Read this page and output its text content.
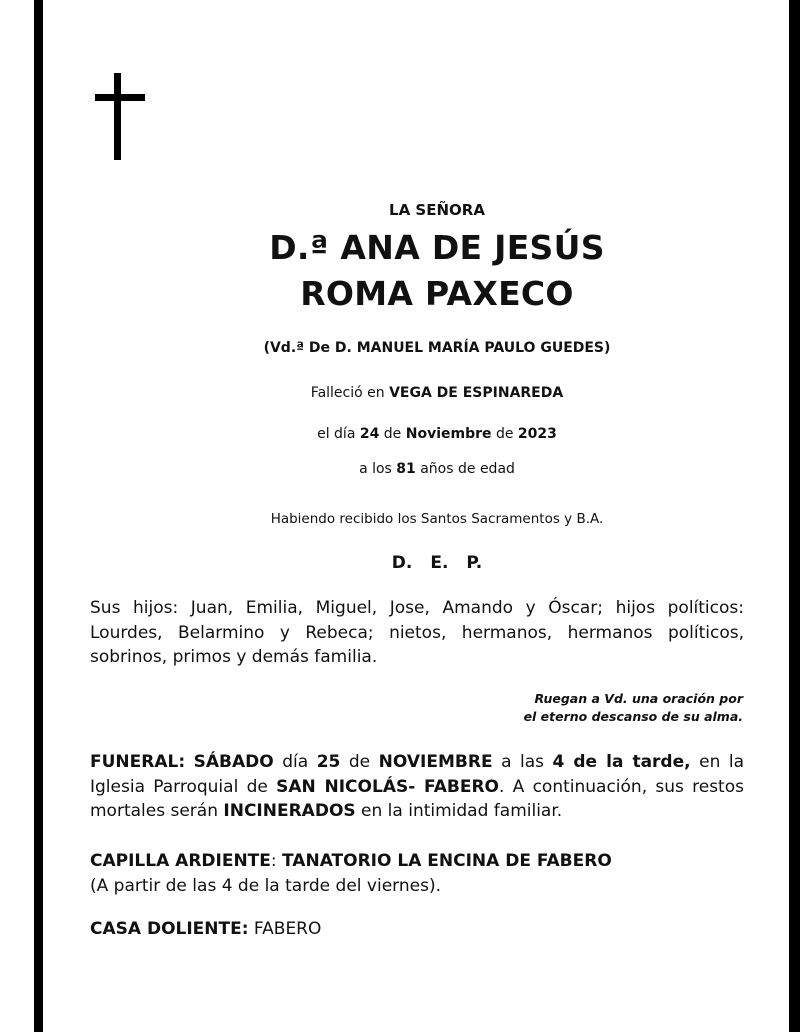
LA SEÑORA
D.ª ANA DE JESÚS
ROMA PAXECO
(Vd.ª De D. MANUEL MARÍA PAULO GUEDES)
Falleció en VEGA DE ESPINAREDA
el día 24 de Noviembre de 2023
a los 81 años de edad
Habiendo recibido los Santos Sacramentos y B.A.
D. E. P.
Sus hijos: Juan, Emilia, Miguel, Jose, Amando y Óscar; hijos políticos: Lourdes, Belarmino y Rebeca; nietos, hermanos, hermanos políticos, sobrinos, primos y demás familia.
Ruegan a Vd. una oración por
el eterno descanso de su alma.
FUNERAL: SÁBADO día 25 de NOVIEMBRE a las 4 de la tarde, en la Iglesia Parroquial de SAN NICOLÁS- FABERO. A continuación, sus restos mortales serán INCINERADOS en la intimidad familiar.
CAPILLA ARDIENTE: TANATORIO LA ENCINA DE FABERO
(A partir de las 4 de la tarde del viernes).
CASA DOLIENTE: FABERO
